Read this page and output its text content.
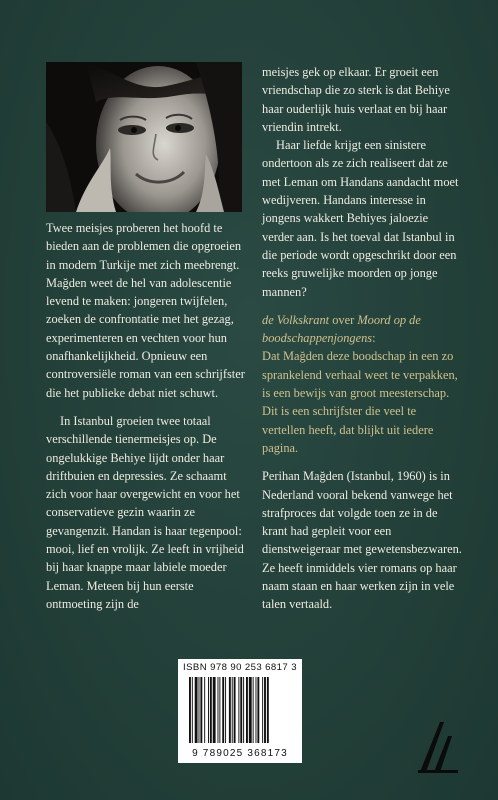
Twee meisjes proberen het hoofd te bieden aan de problemen die opgroeien in modern Turkije met zich meebrengt. Mağden weet de hel van adolescentie levend te maken: jongeren twijfelen, zoeken de confrontatie met het gezag, experimenteren en vechten voor hun onafhankelijkheid. Opnieuw een controversiële roman van een schrijfster die het publieke debat niet schuwt.

In Istanbul groeien twee totaal verschillende tienermeisjes op. De ongelukkige Behiye lijdt onder haar driftbuien en depressies. Ze schaamt zich voor haar overgewicht en voor het conservatieve gezin waarin ze gevangenzit. Handan is haar tegenpool: mooi, lief en vrolijk. Ze leeft in vrijheid bij haar knappe maar labiele moeder Leman. Meteen bij hun eerste ontmoeting zijn de

meisjes gek op elkaar. Er groeit een vriendschap die zo sterk is dat Behiye haar ouderlijk huis verlaat en bij haar vriendin intrekt.

Haar liefde krijgt een sinistere ondertoon als ze zich realiseert dat ze met Leman om Handans aandacht moet wedijveren. Handans interesse in jongens wakkert Behiyes jaloezie verder aan. Is het toeval dat Istanbul in die periode wordt opgeschrikt door een reeks gruwelijke moorden op jonge mannen?

de Volkskrant over Moord op de boodschappenjongens:

Dat Mağden deze boodschap in een zo sprankelend verhaal weet te verpakken, is een bewijs van groot meesterschap. Dit is een schrijfster die veel te vertellen heeft, dat blijkt uit iedere pagina.

Perihan Mağden (Istanbul, 1960) is in Nederland vooral bekend vanwege het strafproces dat volgde toen ze in de krant had gepleit voor een dienstweigeraar met gewetensbezwaren. Ze heeft inmiddels vier romans op haar naam staan en haar werken zijn in vele talen vertaald.

ISBN 978 90 253 6817 3
9 789025 368173
